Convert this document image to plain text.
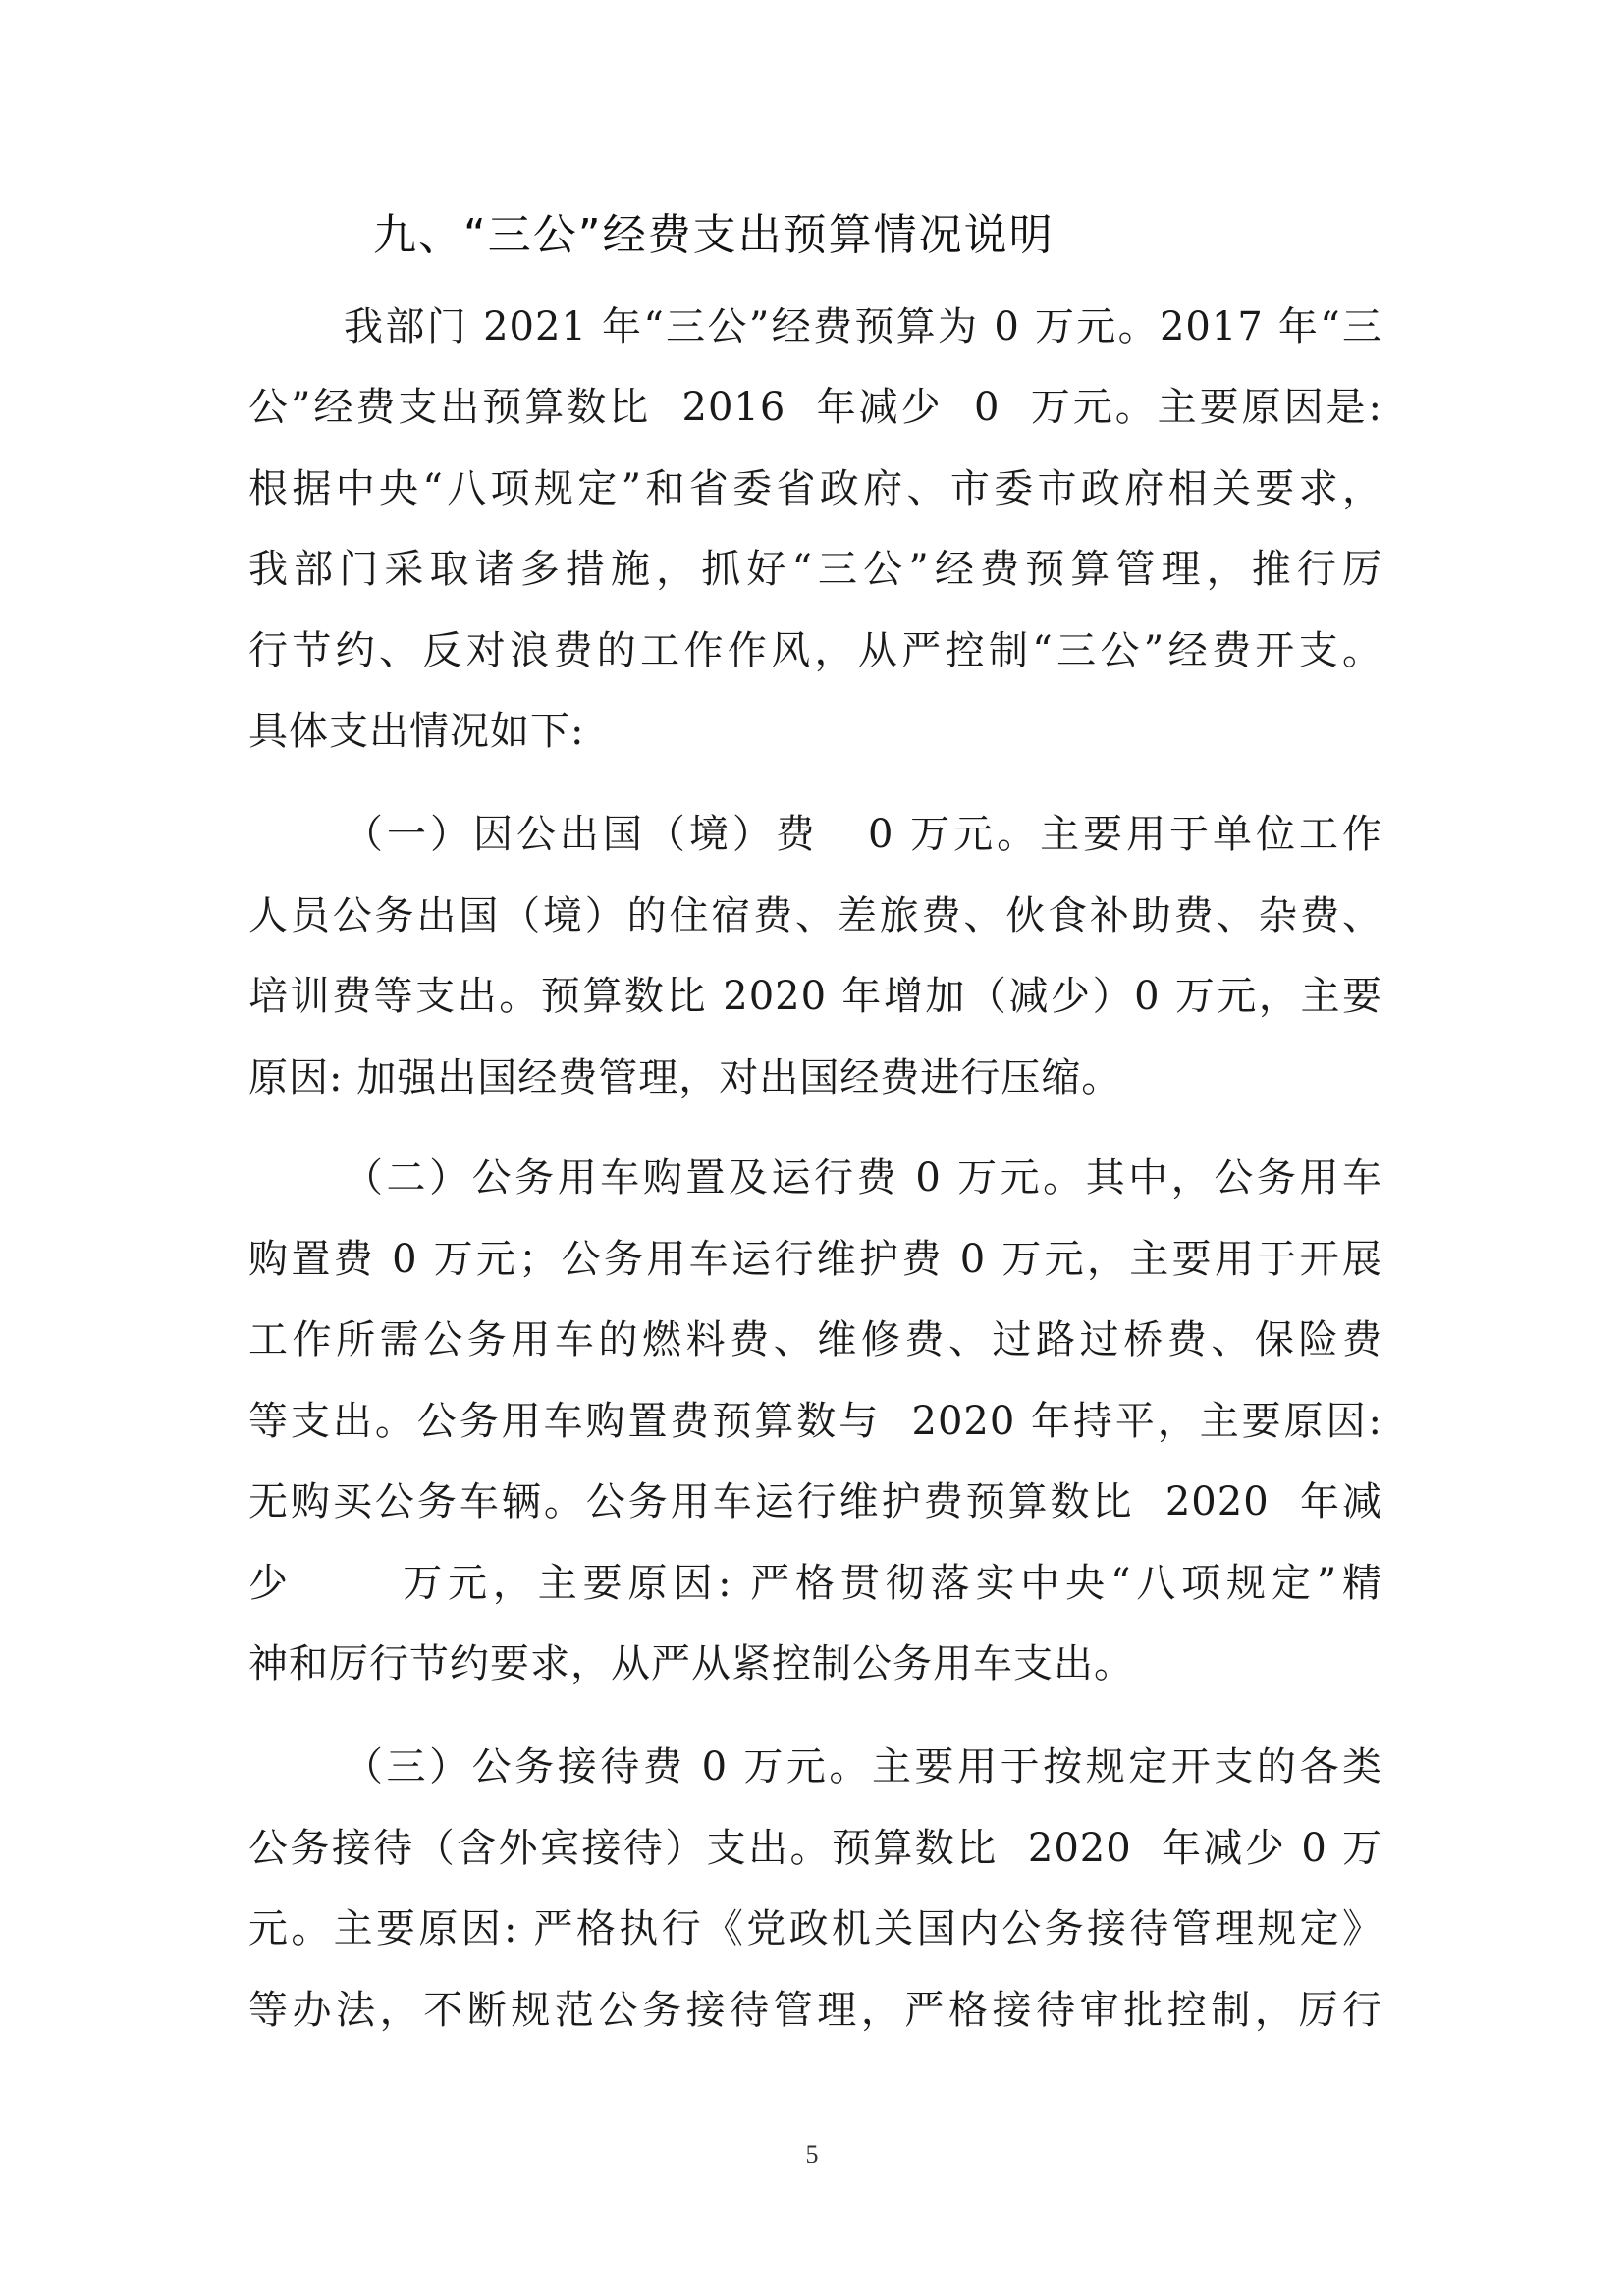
九、“三公”经费支出预算情况说明
我部门 2021 年“三公”经费预算为 0 万元。2017 年“三
公”经费支出预算数比  2016  年减少  0  万元。主要原因是:
根据中央“八项规定”和省委省政府、市委市政府相关要求，
我部门采取诸多措施，抓好“三公”经费预算管理，推行厉
行节约、反对浪费的工作作风，从严控制“三公”经费开支。
具体支出情况如下:
（一）因公出国（境）费   0 万元。主要用于单位工作
人员公务出国（境）的住宿费、差旅费、伙食补助费、杂费、
培训费等支出。预算数比 2020 年增加（减少）0 万元，主要
原因: 加强出国经费管理，对出国经费进行压缩。
（二）公务用车购置及运行费 0 万元。其中，公务用车
购置费 0 万元；公务用车运行维护费 0 万元，主要用于开展
工作所需公务用车的燃料费、维修费、过路过桥费、保险费
等支出。公务用车购置费预算数与  2020 年持平，主要原因:
无购买公务车辆。公务用车运行维护费预算数比  2020  年减
少      万元，主要原因: 严格贯彻落实中央“八项规定”精
神和厉行节约要求，从严从紧控制公务用车支出。
（三）公务接待费 0 万元。主要用于按规定开支的各类
公务接待（含外宾接待）支出。预算数比  2020  年减少 0 万
元。主要原因: 严格执行《党政机关国内公务接待管理规定》
等办法，不断规范公务接待管理，严格接待审批控制，厉行
5
